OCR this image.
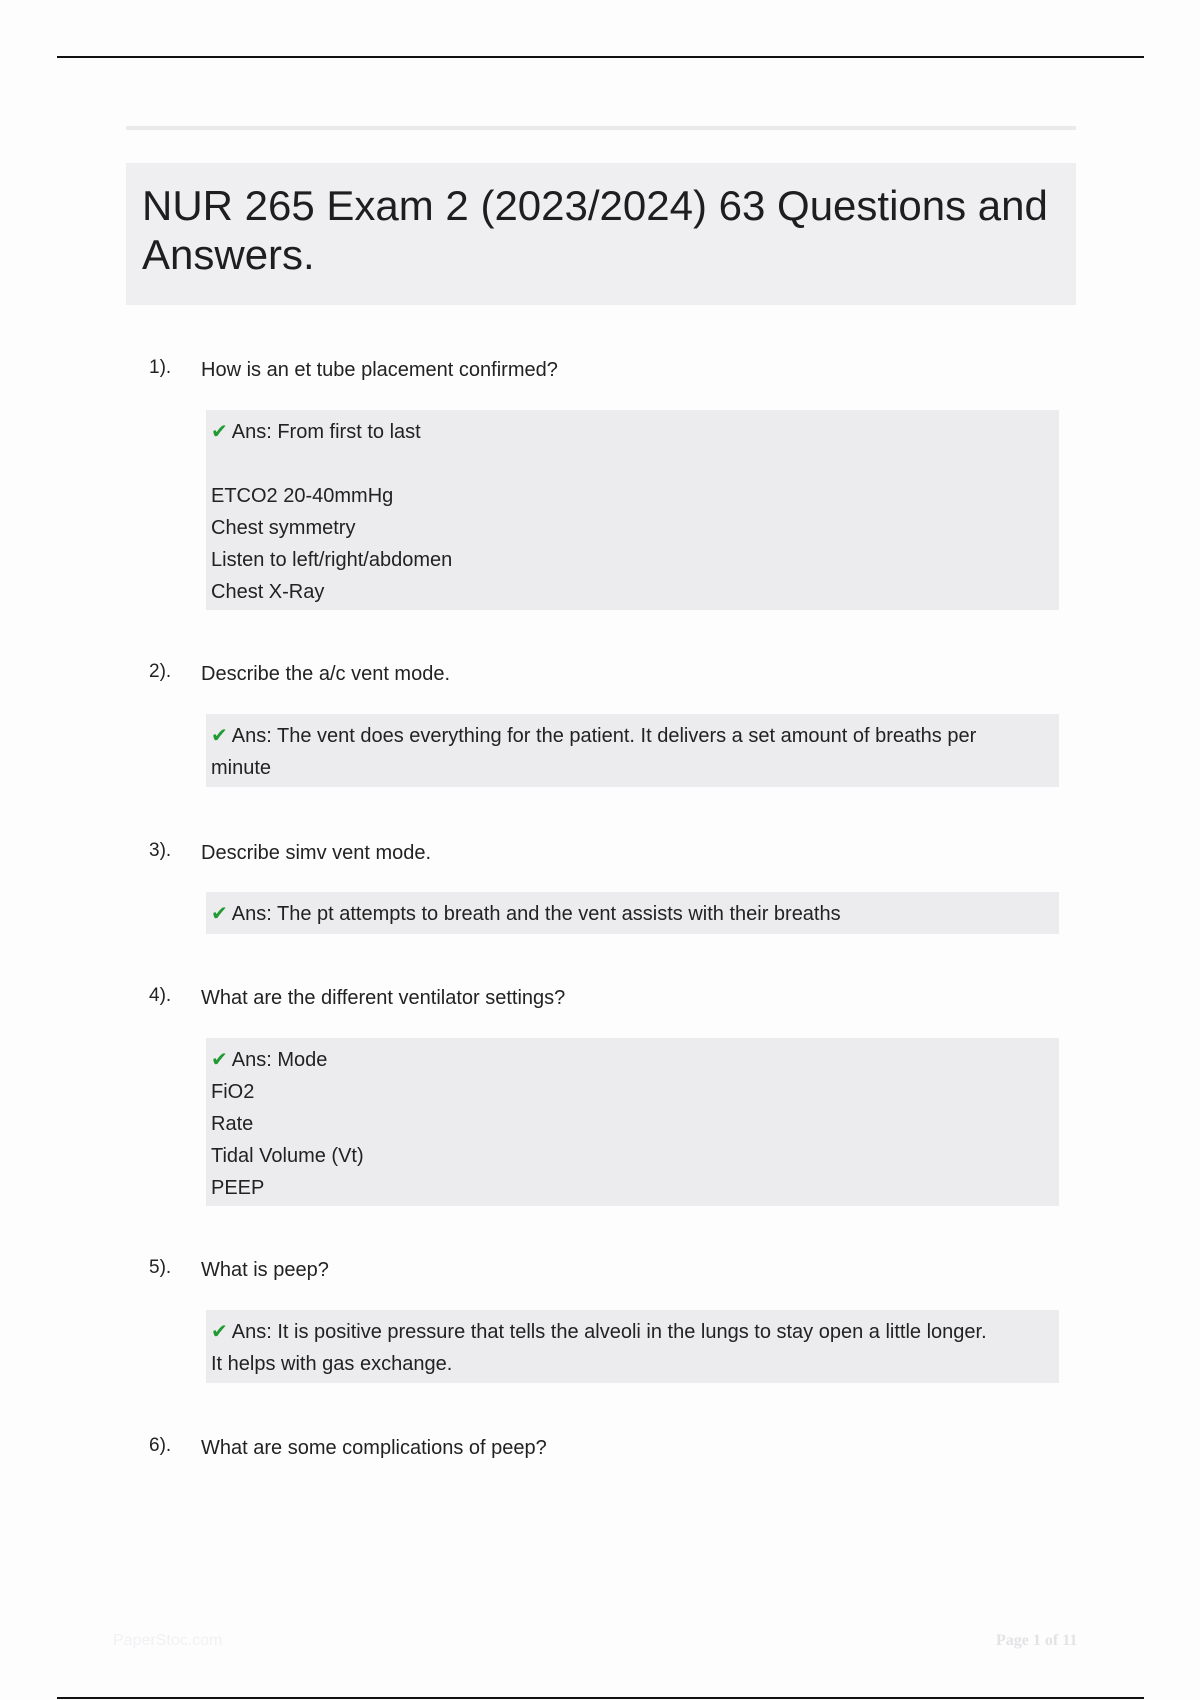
NUR 265 Exam 2 (2023/2024) 63 Questions and Answers.
1). How is an et tube placement confirmed?
✔ Ans: From first to last

ETCO2 20-40mmHg
Chest symmetry
Listen to left/right/abdomen
Chest X-Ray
2). Describe the a/c vent mode.
✔ Ans: The vent does everything for the patient. It delivers a set amount of breaths per
minute
3). Describe simv vent mode.
✔ Ans: The pt attempts to breath and the vent assists with their breaths
4). What are the different ventilator settings?
✔ Ans: Mode
FiO2
Rate
Tidal Volume (Vt)
PEEP
5). What is peep?
✔ Ans: It is positive pressure that tells the alveoli in the lungs to stay open a little longer.
It helps with gas exchange.
6). What are some complications of peep?
PaperStoc.com	Page 1 of 11
